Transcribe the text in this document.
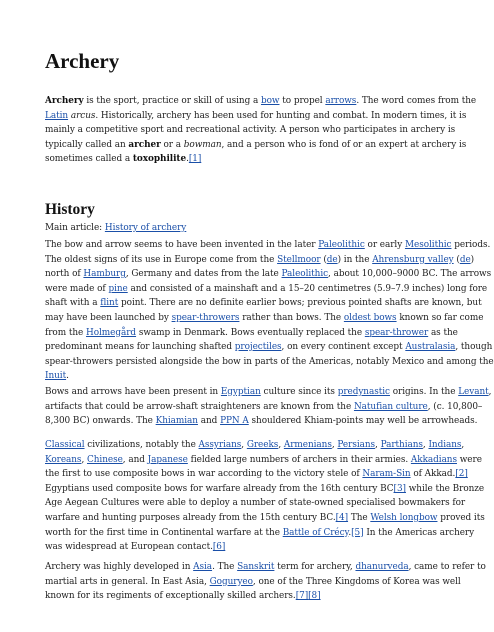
Archery
Archery is the sport, practice or skill of using a bow to propel arrows. The word comes from the
Latin arcus. Historically, archery has been used for hunting and combat. In modern times, it is
mainly a competitive sport and recreational activity. A person who participates in archery is
typically called an archer or a bowman, and a person who is fond of or an expert at archery is
sometimes called a toxophilite.[1]
History
Main article: History of archery
The bow and arrow seems to have been invented in the later Paleolithic or early Mesolithic periods.
The oldest signs of its use in Europe come from the Stellmoor (de) in the Ahrensburg valley (de)
north of Hamburg, Germany and dates from the late Paleolithic, about 10,000–9000 BC. The arrows
were made of pine and consisted of a mainshaft and a 15–20 centimetres (5.9–7.9 inches) long fore
shaft with a flint point. There are no definite earlier bows; previous pointed shafts are known, but
may have been launched by spear-throwers rather than bows. The oldest bows known so far come
from the Holmegård swamp in Denmark. Bows eventually replaced the spear-thrower as the
predominant means for launching shafted projectiles, on every continent except Australasia, though
spear-throwers persisted alongside the bow in parts of the Americas, notably Mexico and among the
Inuit.
Bows and arrows have been present in Egyptian culture since its predynastic origins. In the Levant,
artifacts that could be arrow-shaft straighteners are known from the Natufian culture, (c. 10,800–
8,300 BC) onwards. The Khiamian and PPN A shouldered Khiam-points may well be arrowheads.
Classical civilizations, notably the Assyrians, Greeks, Armenians, Persians, Parthians, Indians,
Koreans, Chinese, and Japanese fielded large numbers of archers in their armies. Akkadians were
the first to use composite bows in war according to the victory stele of Naram-Sin of Akkad.[2]
Egyptians used composite bows for warfare already from the 16th century BC[3] while the Bronze
Age Aegean Cultures were able to deploy a number of state-owned specialised bowmakers for
warfare and hunting purposes already from the 15th century BC.[4] The Welsh longbow proved its
worth for the first time in Continental warfare at the Battle of Crécy.[5] In the Americas archery
was widespread at European contact.[6]
Archery was highly developed in Asia. The Sanskrit term for archery, dhanurveda, came to refer to
martial arts in general. In East Asia, Goguryeo, one of the Three Kingdoms of Korea was well
known for its regiments of exceptionally skilled archers.[7][8]
